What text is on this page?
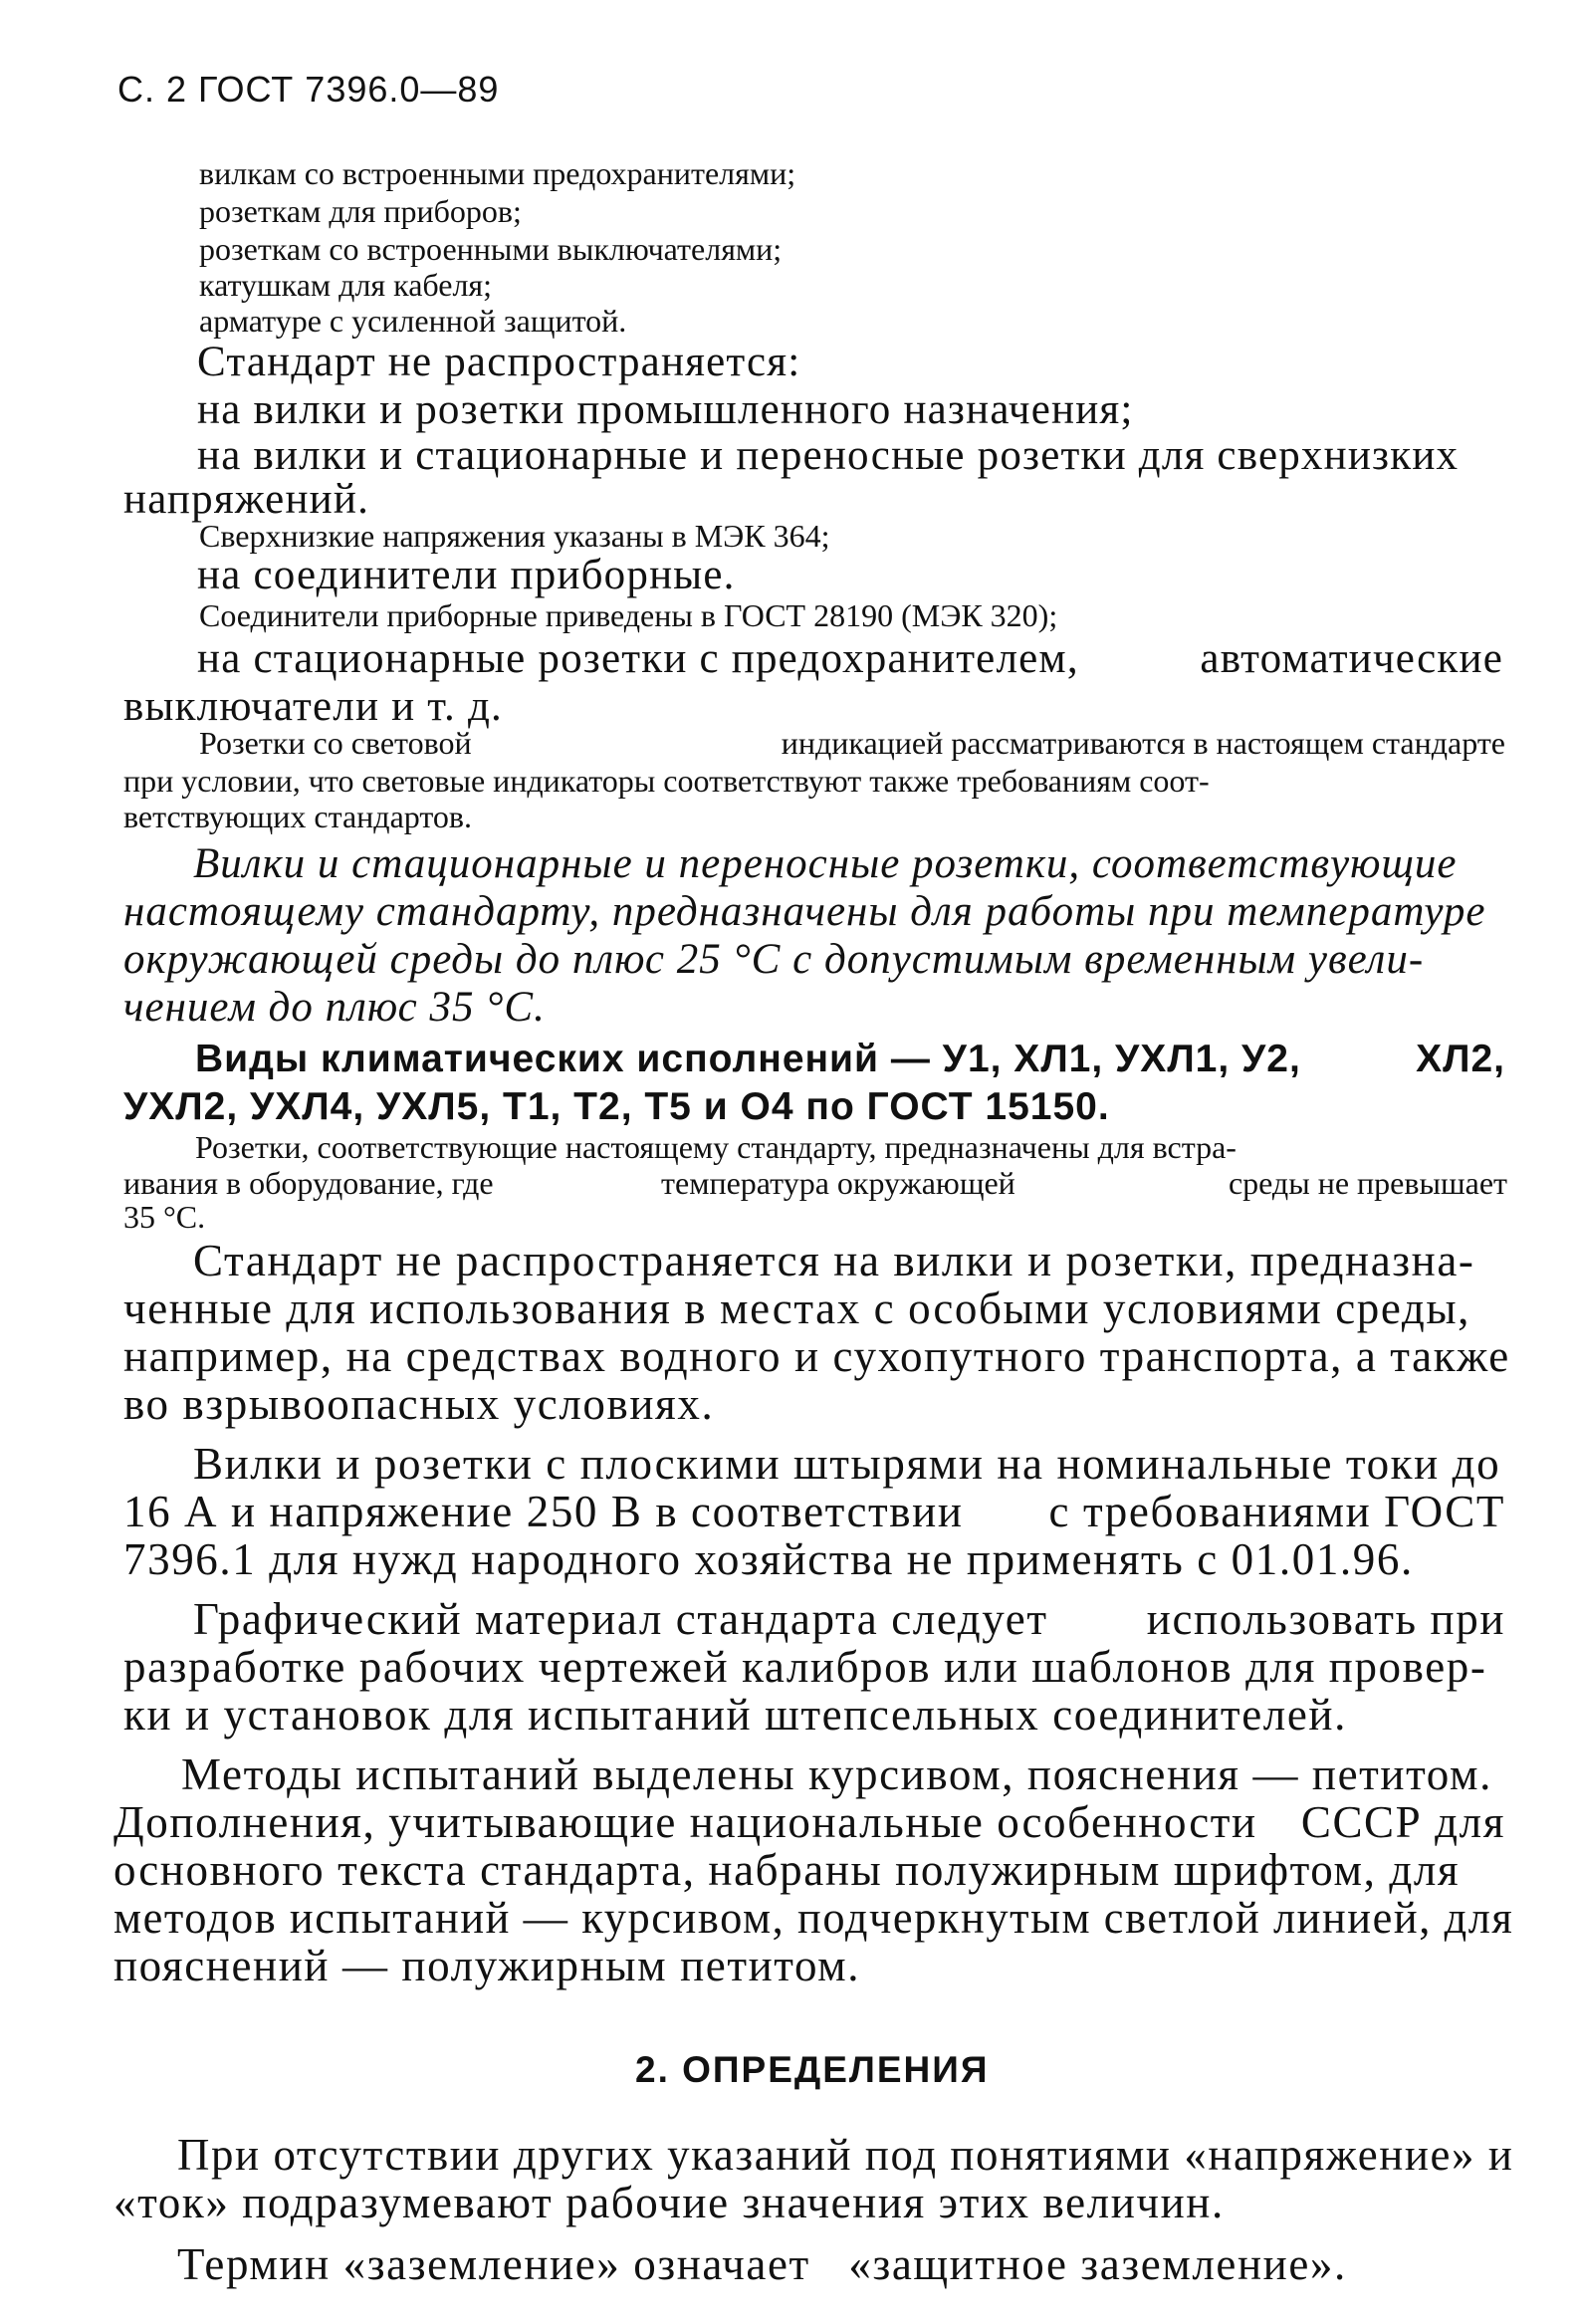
С. 2 ГОСТ 7396.0—89
вилкам со встроенными предохранителями;
розеткам для приборов;
розеткам со встроенными выключателями;
катушкам для кабеля;
арматуре с усиленной защитой.
Стандарт не распространяется:
на вилки и розетки промышленного назначения;
на вилки и стационарные и переносные розетки для сверхнизких
напряжений.
Сверхнизкие напряжения указаны в МЭК 364;
на соединители приборные.
Соединители приборные приведены в ГОСТ 28190 (МЭК 320);
на стационарные розетки с предохранителем,	автоматические
выключатели и т. д.
Розетки со световой	индикацией рассматриваются в настоящем стандарте
при условии, что световые индикаторы соответствуют также требованиям соот-
ветствующих стандартов.
Вилки и стационарные и переносные розетки, соответствующие
настоящему стандарту, предназначены для работы при температуре
окружающей среды до плюс 25 °С с допустимым временным увели-
чением до плюс 35 °С.
Виды климатических исполнений — У1, ХЛ1, УХЛ1, У2,	ХЛ2,
УХЛ2, УХЛ4, УХЛ5, Т1, Т2, Т5 и О4 по ГОСТ 15150.
Розетки, соответствующие настоящему стандарту, предназначены для встра-
ивания в оборудование, где	температура окружающей	среды не превышает
35 °С.
Стандарт не распространяется на вилки и розетки, предназна-
ченные для использования в местах с особыми условиями среды,
например, на средствах водного и сухопутного транспорта, а также
во взрывоопасных условиях.
Вилки и розетки с плоскими штырями на номинальные токи до
16 А и напряжение 250 В в соответствии с требованиями ГОСТ
7396.1 для нужд народного хозяйства не применять с 01.01.96.
Графический материал стандарта следует использовать при
разработке рабочих чертежей калибров или шаблонов для провер-
ки и установок для испытаний штепсельных соединителей.
Методы испытаний выделены курсивом, пояснения — петитом.
Дополнения, учитывающие национальные особенности СССР для
основного текста стандарта, набраны полужирным шрифтом, для
методов испытаний — курсивом, подчеркнутым светлой линией, для
пояснений — полужирным петитом.
2. ОПРЕДЕЛЕНИЯ
При отсутствии других указаний под понятиями «напряжение» и
«ток» подразумевают рабочие значения этих величин.
Термин «заземление» означает   «защитное заземление».
